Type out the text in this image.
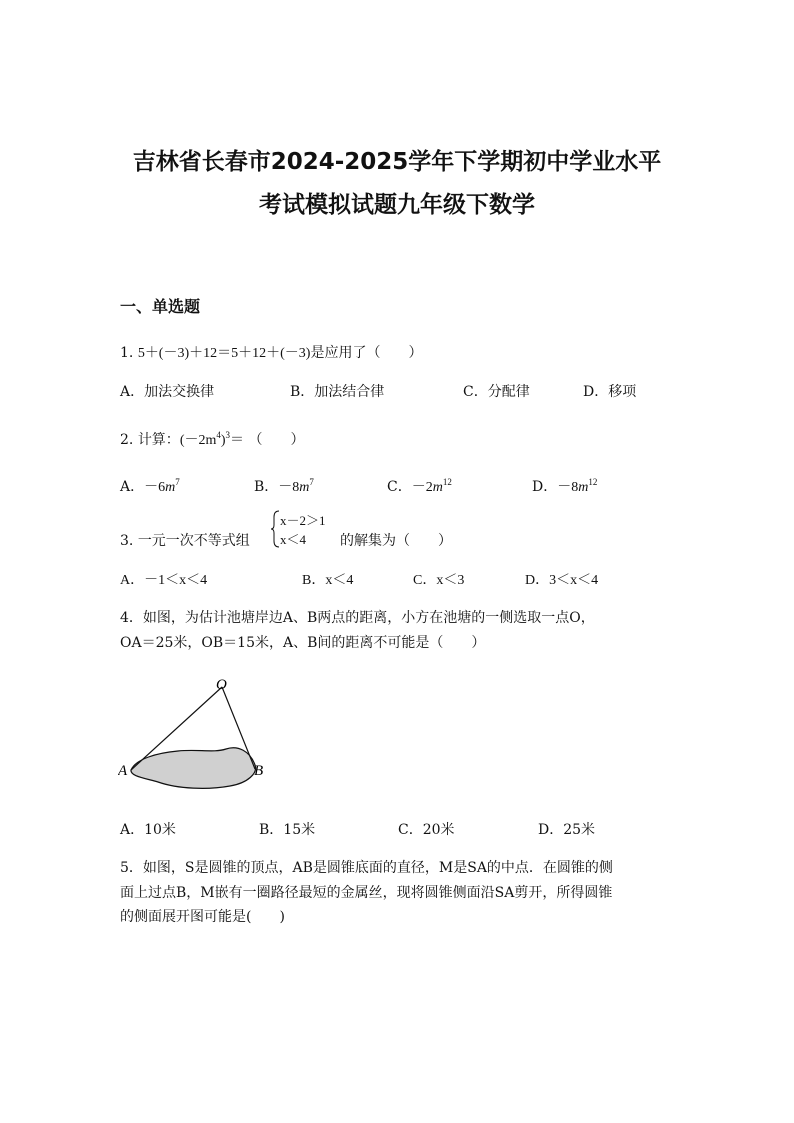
吉林省长春市2024-2025学年下学期初中学业水平
考试模拟试题九年级下数学
一、单选题
1. 5＋(－3)＋12＝5＋12＋(－3)是应用了（　　）
A．加法交换律	B．加法结合律	C．分配律	D．移项
2. 计算：$(-2m^4)^3=$ （　　）
A．$-6m^7$	B．$-8m^7$	C．$-2m^{12}$	D．$-8m^{12}$
3. 一元一次不等式组
x－2＞1
x＜4 的解集为（　　）
A．－1＜x＜4	B．x＜4	C．x＜3	D．3＜x＜4
4．如图，为估计池塘岸边A、B两点的距离，小方在池塘的一侧选取一点O，
OA＝25米，OB＝15米，A、B间的距离不可能是（　　）
O
A	B
A．10米	B．15米	C．20米	D．25米
5．如图，S是圆锥的顶点，AB是圆锥底面的直径，M是SA的中点．在圆锥的侧
面上过点B，M嵌有一圈路径最短的金属丝，现将圆锥侧面沿SA剪开，所得圆锥
的侧面展开图可能是(　　)
